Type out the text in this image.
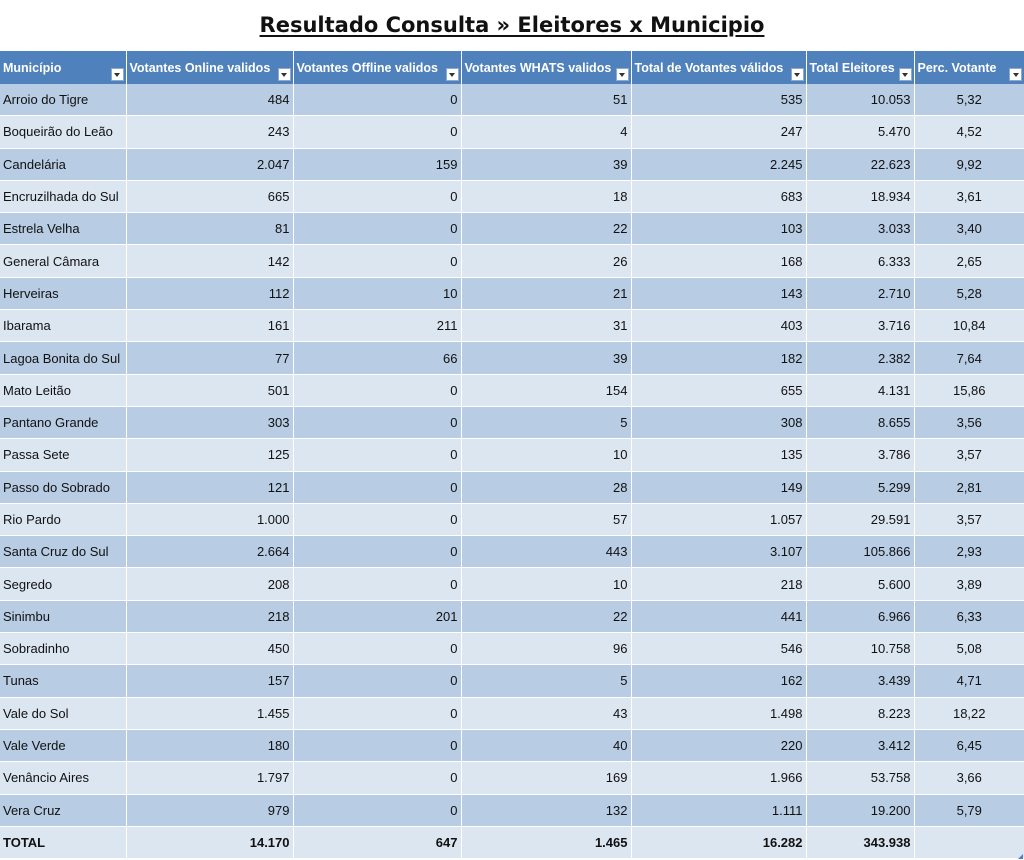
Resultado Consulta » Eleitores x Municipio
Município	Votantes Online validos	Votantes Offline validos	Votantes WHATS validos	Total de Votantes válidos	Total Eleitores	Perc. Votante

Arroio do Tigre	484	0	51	535	10.053	5,32
Boqueirão do Leão	243	0	4	247	5.470	4,52
Candelária	2.047	159	39	2.245	22.623	9,92
Encruzilhada do Sul	665	0	18	683	18.934	3,61
Estrela Velha	81	0	22	103	3.033	3,40
General Câmara	142	0	26	168	6.333	2,65
Herveiras	112	10	21	143	2.710	5,28
Ibarama	161	211	31	403	3.716	10,84
Lagoa Bonita do Sul	77	66	39	182	2.382	7,64
Mato Leitão	501	0	154	655	4.131	15,86
Pantano Grande	303	0	5	308	8.655	3,56
Passa Sete	125	0	10	135	3.786	3,57
Passo do Sobrado	121	0	28	149	5.299	2,81
Rio Pardo	1.000	0	57	1.057	29.591	3,57
Santa Cruz do Sul	2.664	0	443	3.107	105.866	2,93
Segredo	208	0	10	218	5.600	3,89
Sinimbu	218	201	22	441	6.966	6,33
Sobradinho	450	0	96	546	10.758	5,08
Tunas	157	0	5	162	3.439	4,71
Vale do Sol	1.455	0	43	1.498	8.223	18,22
Vale Verde	180	0	40	220	3.412	6,45
Venâncio Aires	1.797	0	169	1.966	53.758	3,66
Vera Cruz	979	0	132	1.111	19.200	5,79
TOTAL	14.170	647	1.465	16.282	343.938	
